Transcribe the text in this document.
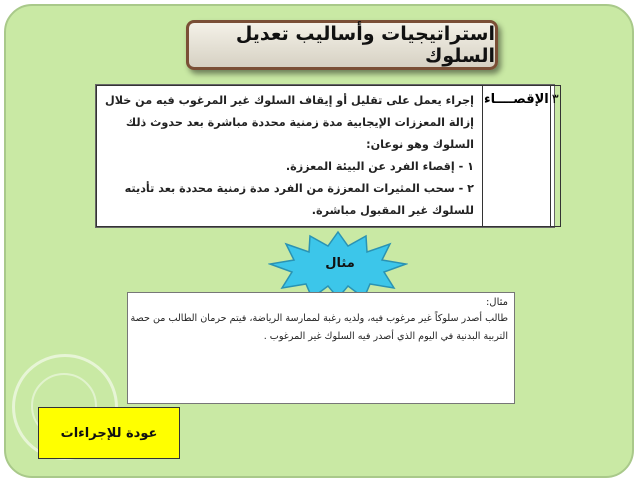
استراتيجيات وأساليب تعديل السلوك
٣	الإقصــــاء	
إجراء يعمل على تقليل أو إيقاف السلوك غير المرغوب فيه من خلال
إزالة المعززات الإيجابية مدة زمنية محددة مباشرة بعد حدوث ذلك
السلوك وهو نوعان:
١ - إقصاء الفرد عن البيئة المعززة.
٢ - سحب المثيرات المعززة من الفرد مدة زمنية محددة بعد تأديته
للسلوك غير المقبول مباشرة.
مثال
مثال:
طالب أصدر سلوكاً غير مرغوب فيه، ولديه رغبة لممارسة الرياضة، فيتم حرمان الطالب من حصة
التربية البدنية في اليوم الذي أصدر فيه السلوك غير المرغوب .
عودة للإجراءات
